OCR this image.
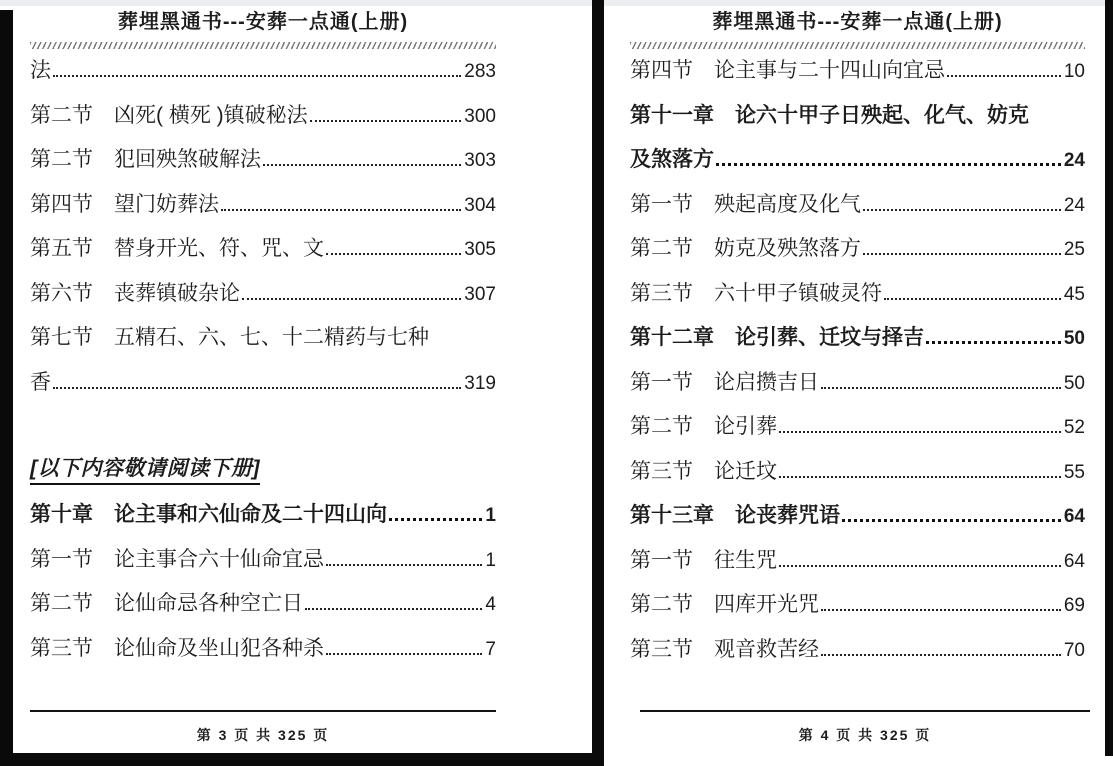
葬埋黑通书---安葬一点通(上册)
法	283
第二节　凶死( 横死 )镇破秘法	300
第二节　犯回殃煞破解法	303
第四节　望门妨葬法	304
第五节　替身开光、符、咒、文	305
第六节　丧葬镇破杂论	307
第七节　五精石、六、七、十二精药与七种
香	319
[以下内容敬请阅读下册]
第十章　论主事和六仙命及二十四山向	1
第一节　论主事合六十仙命宜忌	1
第二节　论仙命忌各种空亡日	4
第三节　论仙命及坐山犯各种杀	7
第 3 页 共 325 页
葬埋黑通书---安葬一点通(上册)
第四节　论主事与二十四山向宜忌	10
第十一章　论六十甲子日殃起、化气、妨克
及煞落方	24
第一节　殃起高度及化气	24
第二节　妨克及殃煞落方	25
第三节　六十甲子镇破灵符	45
第十二章　论引葬、迁坟与择吉	50
第一节　论启攒吉日	50
第二节　论引葬	52
第三节　论迁坟	55
第十三章　论丧葬咒语	64
第一节　往生咒	64
第二节　四库开光咒	69
第三节　观音救苦经	70
第 4 页 共 325 页
